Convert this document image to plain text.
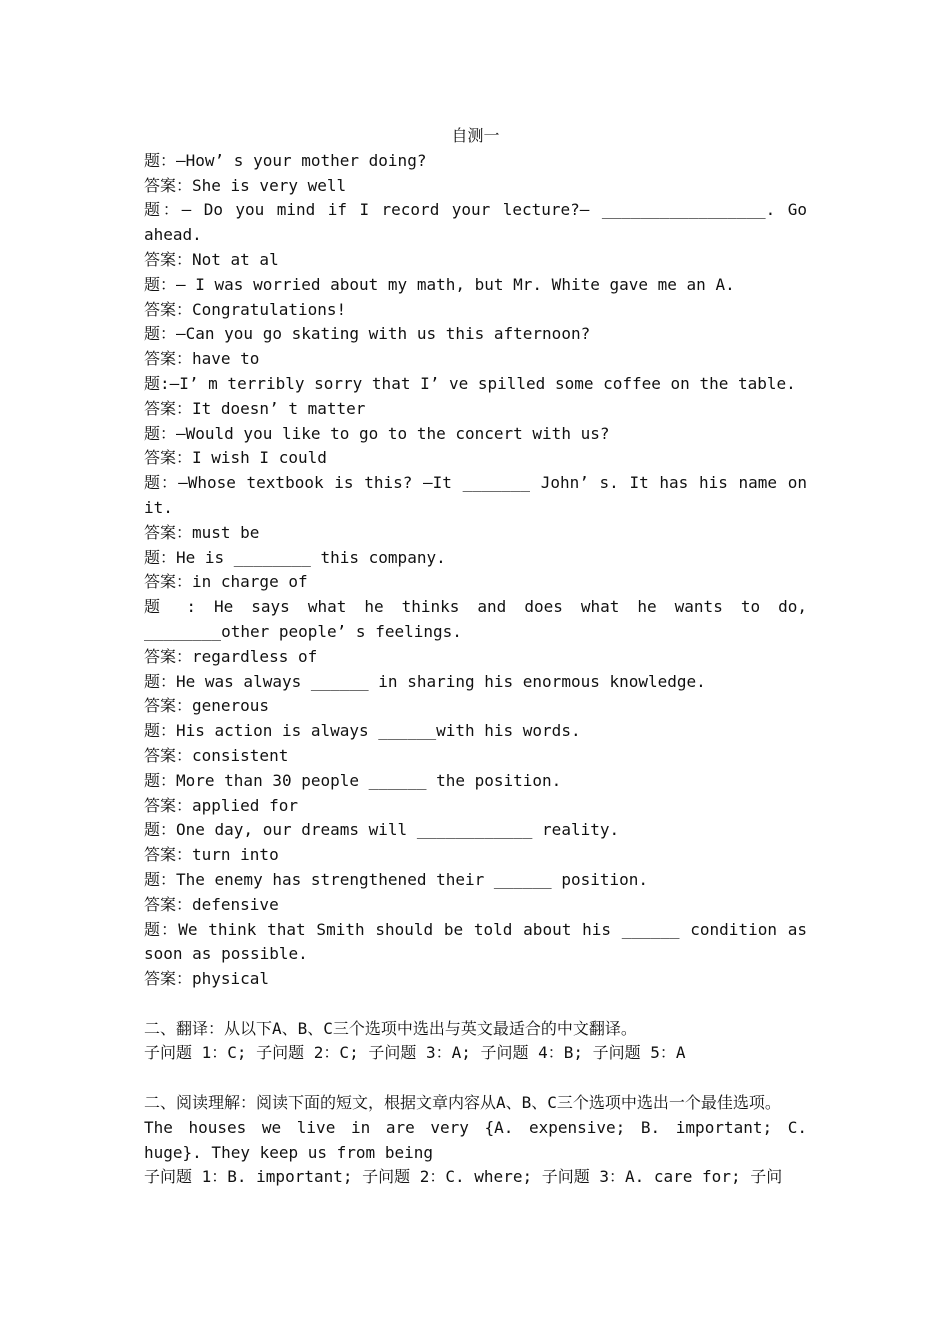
自测一

题：—How’ s your mother doing?

答案：She is very well

题：— Do you mind if I record your lecture?— _________________. Go ahead.

答案：Not at al

题：— I was worried about my math, but Mr. White gave me an A.

答案：Congratulations!

题：—Can you go skating with us this afternoon?

答案：have to

题:—I’ m terribly sorry that I’ ve spilled some coffee on the table.

答案：It doesn’ t matter

题：—Would you like to go to the concert with us?

答案：I wish I could

题：—Whose textbook is this? —It _______ John’ s. It has his name on it.

答案：must be

题：He is ________ this company.

答案：in charge of

题 : He says what he thinks and does what he wants to do, ________other people’ s feelings.

答案：regardless of

题：He was always ______ in sharing his enormous knowledge.

答案：generous

题：His action is always ______with his words.

答案：consistent

题：More than 30 people ______ the position.

答案：applied for

题：One day, our dreams will ____________ reality.

答案：turn into

题：The enemy has strengthened their ______ position.

答案：defensive

题：We think that Smith should be told about his ______ condition as soon as possible.

答案：physical

二、翻译：从以下A、B、C三个选项中选出与英文最适合的中文翻译。

子问题 1：C; 子问题 2：C; 子问题 3：A; 子问题 4：B; 子问题 5：A

二、阅读理解：阅读下面的短文，根据文章内容从A、B、C三个选项中选出一个最佳选项。

The houses we live in are very {A. expensive; B. important; C. huge}. They keep us from being

子问题 1：B. important; 子问题 2：C. where; 子问题 3：A. care for; 子问
